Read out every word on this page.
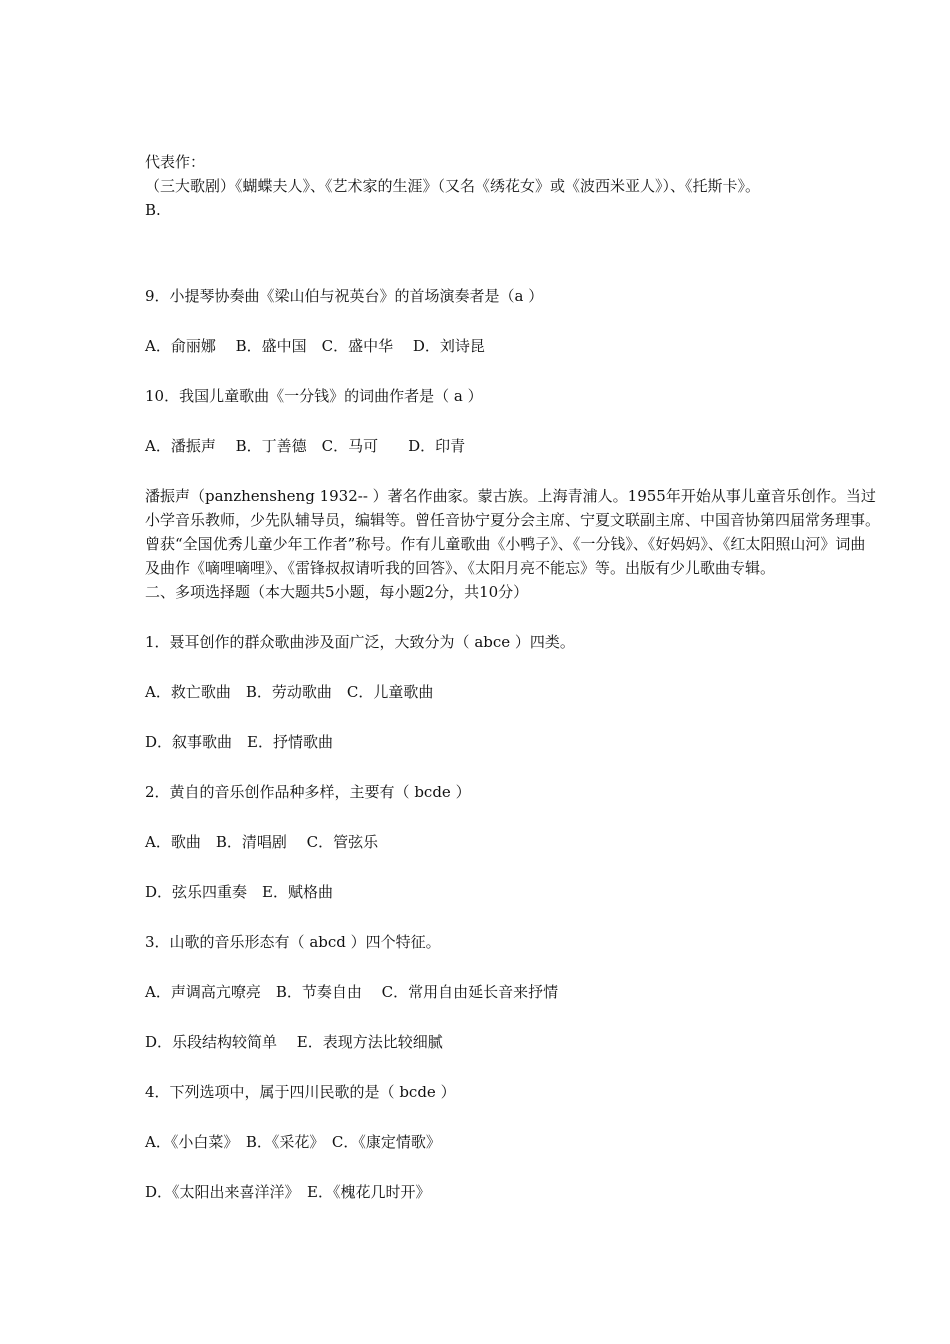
代表作：
（三大歌剧）《蝴蝶夫人》、《艺术家的生涯》（又名《绣花女》或《波西米亚人》）、《托斯卡》。
B.
9．小提琴协奏曲《梁山伯与祝英台》的首场演奏者是（a ）
A．俞丽娜　 B．盛中国　C．盛中华　 D．刘诗昆
10．我国儿童歌曲《一分钱》的词曲作者是（ a ）
A．潘振声　 B．丁善德　C．马可　　D．印青
潘振声（panzhensheng 1932-- ）著名作曲家。蒙古族。上海青浦人。1955年开始从事儿童音乐创作。当过小学音乐教师，少先队辅导员，编辑等。曾任音协宁夏分会主席、宁夏文联副主席、中国音协第四届常务理事。曾获“全国优秀儿童少年工作者”称号。作有儿童歌曲《小鸭子》、《一分钱》、《好妈妈》、《红太阳照山河》词曲及曲作《嘀哩嘀哩》、《雷锋叔叔请听我的回答》、《太阳月亮不能忘》等。出版有少儿歌曲专辑。
二、多项选择题（本大题共5小题，每小题2分，共10分）
1．聂耳创作的群众歌曲涉及面广泛，大致分为（ abce ）四类。
A．救亡歌曲　B．劳动歌曲　C．儿童歌曲
D．叙事歌曲　E．抒情歌曲
2．黄自的音乐创作品种多样，主要有（ bcde ）
A．歌曲　B．清唱剧　 C．管弦乐
D．弦乐四重奏　E．赋格曲
3．山歌的音乐形态有（ abcd ）四个特征。
A．声调高亢嘹亮　B．节奏自由　 C．常用自由延长音来抒情
D．乐段结构较简单　 E．表现方法比较细腻
4．下列选项中，属于四川民歌的是（ bcde ）
A．《小白菜》　B．《采花》　C．《康定情歌》
D．《太阳出来喜洋洋》　E．《槐花几时开》
